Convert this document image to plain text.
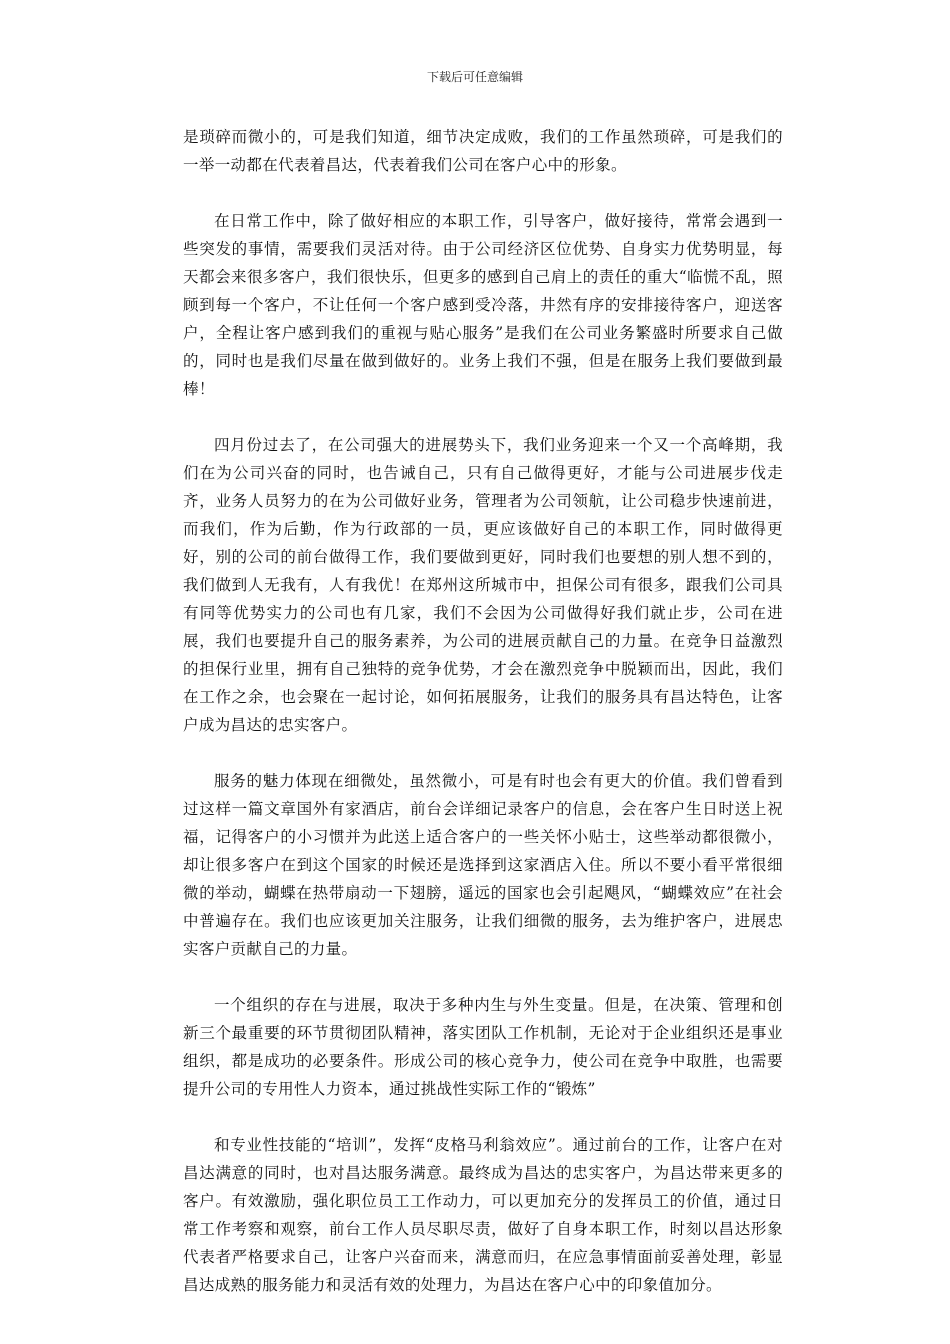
下载后可任意编辑

是琐碎而微小的，可是我们知道，细节决定成败，我们的工作虽然琐碎，可是我们的一举一动都在代表着昌达，代表着我们公司在客户心中的形象。

在日常工作中，除了做好相应的本职工作，引导客户，做好接待，常常会遇到一些突发的事情，需要我们灵活对待。由于公司经济区位优势、自身实力优势明显，每天都会来很多客户，我们很快乐，但更多的感到自己肩上的责任的重大“临慌不乱，照顾到每一个客户，不让任何一个客户感到受冷落，井然有序的安排接待客户，迎送客户，全程让客户感到我们的重视与贴心服务”是我们在公司业务繁盛时所要求自己做的，同时也是我们尽量在做到做好的。业务上我们不强，但是在服务上我们要做到最棒！

四月份过去了，在公司强大的进展势头下，我们业务迎来一个又一个高峰期，我们在为公司兴奋的同时，也告诫自己，只有自己做得更好，才能与公司进展步伐走齐，业务人员努力的在为公司做好业务，管理者为公司领航，让公司稳步快速前进，而我们，作为后勤，作为行政部的一员，更应该做好自己的本职工作，同时做得更好，别的公司的前台做得工作，我们要做到更好，同时我们也要想的别人想不到的，我们做到人无我有，人有我优！在郑州这所城市中，担保公司有很多，跟我们公司具有同等优势实力的公司也有几家，我们不会因为公司做得好我们就止步，公司在进展，我们也要提升自己的服务素养，为公司的进展贡献自己的力量。在竞争日益激烈的担保行业里，拥有自己独特的竞争优势，才会在激烈竞争中脱颖而出，因此，我们在工作之余，也会聚在一起讨论，如何拓展服务，让我们的服务具有昌达特色，让客户成为昌达的忠实客户。

服务的魅力体现在细微处，虽然微小，可是有时也会有更大的价值。我们曾看到过这样一篇文章国外有家酒店，前台会详细记录客户的信息，会在客户生日时送上祝福，记得客户的小习惯并为此送上适合客户的一些关怀小贴士，这些举动都很微小，却让很多客户在到这个国家的时候还是选择到这家酒店入住。所以不要小看平常很细微的举动，蝴蝶在热带扇动一下翅膀，遥远的国家也会引起飓风，“蝴蝶效应”在社会中普遍存在。我们也应该更加关注服务，让我们细微的服务，去为维护客户，进展忠实客户贡献自己的力量。

一个组织的存在与进展，取决于多种内生与外生变量。但是，在决策、管理和创新三个最重要的环节贯彻团队精神，落实团队工作机制，无论对于企业组织还是事业组织，都是成功的必要条件。形成公司的核心竞争力，使公司在竞争中取胜，也需要提升公司的专用性人力资本，通过挑战性实际工作的“锻炼”

和专业性技能的“培训”，发挥“皮格马利翁效应”。通过前台的工作，让客户在对昌达满意的同时，也对昌达服务满意。最终成为昌达的忠实客户，为昌达带来更多的客户。有效激励，强化职位员工工作动力，可以更加充分的发挥员工的价值，通过日常工作考察和观察，前台工作人员尽职尽责，做好了自身本职工作，时刻以昌达形象代表者严格要求自己，让客户兴奋而来，满意而归，在应急事情面前妥善处理，彰显昌达成熟的服务能力和灵活有效的处理力，为昌达在客户心中的印象值加分。
